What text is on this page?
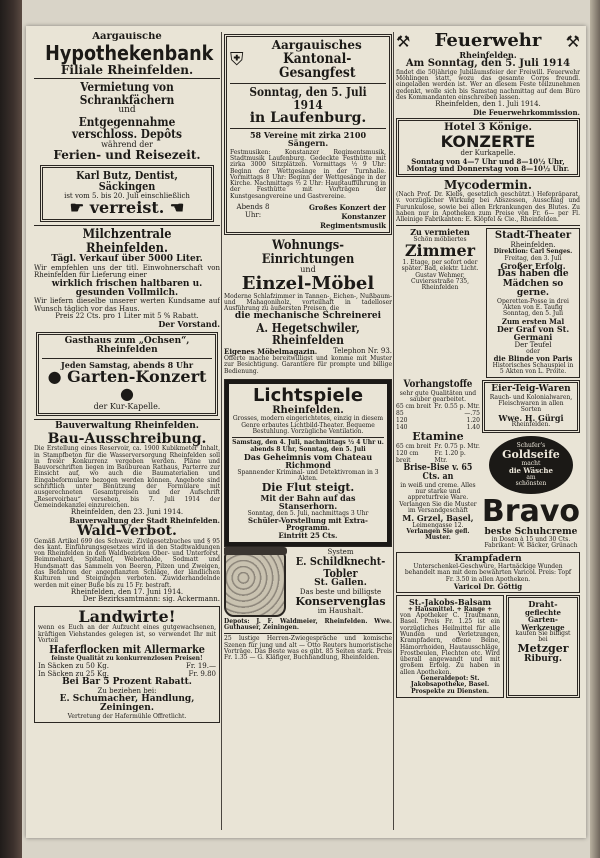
Aargauische

Hypothekenbank

Filiale Rheinfelden.

Vermietung von Schrankfächern

und

Entgegennahme verschloss. Depôts

während der

Ferien- und Reisezeit.

Karl Butz, Dentist, Säckingen

ist vom 5. bis 20. Juli einschließlich

☛ verreist. ☚

Milchzentrale Rheinfelden.

Tägl. Verkauf über 5000 Liter.

Wir empfehlen uns der titl. Einwohnerschaft von Rheinfelden für Lieferung einer

wirklich frischen haltbaren u. gesunden Vollmilch.

Wir liefern dieselbe unserer werten Kundsame auf Wunsch täglich vor das Haus.

Preis 22 Cts. pro 1 Liter mit 5 % Rabatt.

Der Vorstand.

Gasthaus zum „Ochsen“, Rheinfelden

Jeden Samstag, abends 8 Uhr

● Garten-Konzert ●

der Kur-Kapelle.

Bauverwaltung Rheinfelden.

Bau-Ausschreibung.

Die Erstellung eines Reservoir, ca. 1900 Kubikmeter Inhalt, in Stampfbeton für die Wasserversorgung Rheinfelden soll in freier Konkurrenz vergeben werden. Pläne und Bauvorschriften liegen im Bauburean Rathaus, Parterre zur Einsicht auf, wo auch die Baumaterialien und Eingabeformulare bezogen werden können. Angebote sind schriftlich unter Benützung der Formulare mit ausgerechneten Gesamtpreisen und der Aufschrift „Reservoirbau“ versehen, bis 7. Juli 1914 der Gemeindekanzlei einzureichen.

Rheinfelden, den 23. Juni 1914.

Bauverwaltung der Stadt Rheinfelden.

Wald-Verbot.

Gemäß Artikel 699 des Schweiz. Zivilgesetzbuches und § 95 des kant. Einführungsgesetzes wird in den Stadtwaldungen von Rheinfelden in den Waldbezirken Ober- und Unterforst, Beimmehard, Spitalhof, Weberhalde, Sodmatt und Hundsmatt das Sammeln von Beeren, Pilzen und Zweigen, das Befahren der angepflanzten Schläge, der ländlichen Kulturen und Steigungen verboten. Zuwiderhandelnde werden mit einer Buße bis zu 15 Fr. bestraft.

Rheinfelden, den 17. Juni 1914.

Der Bezirksamtmann: sig. Ackermann.

Landwirte!

wenn es Euch an der Aufzucht eines gutgewachsenen, kräftigen Viehstandes gelegen ist, so verwendet Ihr mit Vorteil

Haferflocken mit Allermarke

feinste Qualität zu konkurrenzlosen Preisen!

In Säcken zu 50 Kg.	Fr. 19.—
In Säcken zu 25 Kg.	Fr. 9.80

Bei Bar 5 Prozent Rabatt.

Zu beziehen bei:

E. Schumacher, Handlung, Zeiningen.

Vertretung der Hafermühle Offretlicht.

⛨

Aargauisches

Kantonal-Gesangfest

Sonntag, den 5. Juli 1914

in Laufenburg.

58 Vereine mit zirka 2100 Sängern.

Festmusiken: Konstanzer Regimentsmusik, Stadtmusik Laufenburg. Gedeckte Festhütte mit zirka 3000 Sitzplätzen. Vormittags ½ 9 Uhr: Beginn der Wettgesänge in der Turnhalle. Vormittags 8 Uhr: Beginn der Wettgesänge in der Kirche. Nachmittags ½ 2 Uhr: Hauptaufführung in der Festhütte mit Vorträgen der Kunstgesangvereine und Gastvereine.

Abends 8 Uhr:
Großes Konzert der Konstanzer Regimentsmusik

Wohnungs-Einrichtungen

und

Einzel-Möbel

Moderne Schlafzimmer in Tannen-, Eichen-, Nußbaum- und Mahagoniholz, vorteilhaft in tadelloser Ausführung zu äußersten Preisen, die

die mechanische Schreinerei

A. Hegetschwiler, Rheinfelden

Eigenes Möbelmagazin. Telephon Nr. 93.

Offerte mache bereitwilligst und komme mit Muster zur Besichtigung. Garantiere für prompte und billige Bedienung.

Lichtspiele

Rheinfelden.

Grosses, modern eingerichtetes, einzig in diesem Genre erbautes Lichtbild-Theater. Bequeme Bestuhlung. Vorzügliche Ventilation.

Samstag, den 4. Juli, nachmittags ½ 4 Uhr u. abends 8 Uhr, Sonntag, den 5. Juli

Das Geheimnis vom Chateau Richmond

Spannender Kriminal- und Detektivroman in 3 Akten.

Die Flut steigt.

Mit der Bahn auf das Stanserhorn.

Sonntag, den 5. Juli, nachmittags 3 Uhr

Schüler-Vorstellung mit Extra-Programm.

Eintritt 25 Cts.

System

E. Schildknecht-Tobler

St. Gallen.

Das beste und billigste

Konservenglas

im Haushalt.

Depots: J. F. Waldmeier, Rheinfelden. Wwe. Guthauser, Zeiningen.

25 lustige Herren-Zwiegespräche und komische Szenen für jung und alt — Otto Reuters humoristische Vorträge. Das Beste was es gibt. 85 Seiten stark. Preis Fr. 1.35 — G. Kläfiger, Buchhandlung, Rheinfelden.

⚒ Feuerwehr ⚒

Rheinfelden.

Am Sonntag, den 5. Juli 1914

findet die 50jährige Jubiläumsfeier der Freiwill. Feuerwehr Möhlingen statt, wozu das gesamte Corps freundl. eingeladen werden ist. Wer an diesem Feste teilzunehmen gedenkt, wolle sich bis Samstag nachmittag auf dem Büro des Kommandanten einschreiben lassen.

Rheinfelden, den 1. Juli 1914.

Die Feuerwehrkommission.

Hotel 3 Könige.

KONZERTE

der Kurkapelle.

Sonntag von 4—7 Uhr und 8—10½ Uhr,

Montag und Donnerstag von 8—10½ Uhr.

Mycodermin.

(Nach Prof. Dr. Klebs, gesetzlich geschützt.) Hefepräparat, v. vorzüglicher Wirkung bei Abszessen, Ausschlag und Furunkulose, sowie bei allen Erkrankungen des Blutes. Zu haben nur in Apotheken zum Preise von Fr. 6— per Fl. Alleinige Fabrikanten: E. Klöpfel & Cie., Rheinfelden.

Zu vermieten

Schön möbliertes

Zimmer

1. Etage, per sofort oder später. Bad, elektr. Licht. Gustav Wehmer, Cuviersstraße 735, Rheinfelden

Stadt-Theater

Rheinfelden.

Direktion: Carl Senges.

Freitag, den 3. Juli

Großer Erfolg.

Das haben die Mädchen so gerne.

Operetten-Posse in drei Akten von E. Taufig

Sonntag, den 5. Juli

Zum ersten Mal

Der Graf von St. Germani

Der Teufel

oder

die Blinde von Paris

Historisches Schauspiel in 5 Akten von L. Proite.

Vorhangstoffe

sehr gute Qualitäten und sauber gearbeitet.

65 cm breit Fr. 0.55 p. Mtr.
85	—.75
120	1.20
140	1.40

Etamine

65 cm breit Fr. 0.75 p. Mtr.
120 cm breit
Fr. 1.20 p. Mtr.

Brise-Bise v. 65 Cts. an

in weiß und creme. Alles nur starke und appreturfreie Ware. Verlangen Sie die Muster im Versandgeschäft

M. Grzel, Basel,

Leimengasse 12.

Verlangen Sie gefl. Muster.

Eier-Teig-Waren

Rauch- und Kolonialwaren, Fleischwaren in allen Sorten

Wwe. H. Gürgi

Rheinfelden.

Schufer's

Goldseife

macht

die Wäsche

am

schönsten

Bravo

beste Schuhcreme

in Dosen à 15 und 30 Cts.

Fabrikant: W. Bäcker, Grünach

Krampfadern

Unterschenkel-Geschwüre, Hartnäckige Wunden behandelt man mit dem bewährten Varicol. Preis: Topf Fr. 3.50 in allen Apotheken.

Varicol Dr. Göttig

St.-Jakobs-Balsam

+ Hausmittel. + Range +

von Apotheker C. Trautmann, Basel. Preis Fr. 1.25 ist ein vorzügliches Heilmittel für alle Wunden und Verletzungen, Krampfadern, offene Beine, Hämorrhoiden, Hautausschläge, Frostbeulen, Flechten etc. Wird überall angewandt und mit großem Erfolg. Zu haben in allen Apotheken.

Generaldepot: St. Jakobsapotheke, Basel. Prospekte zu Diensten.

Draht-

geflechte

Garten-

Werkzeuge

kaufen Sie billigst bei

Metzger

Riburg.
